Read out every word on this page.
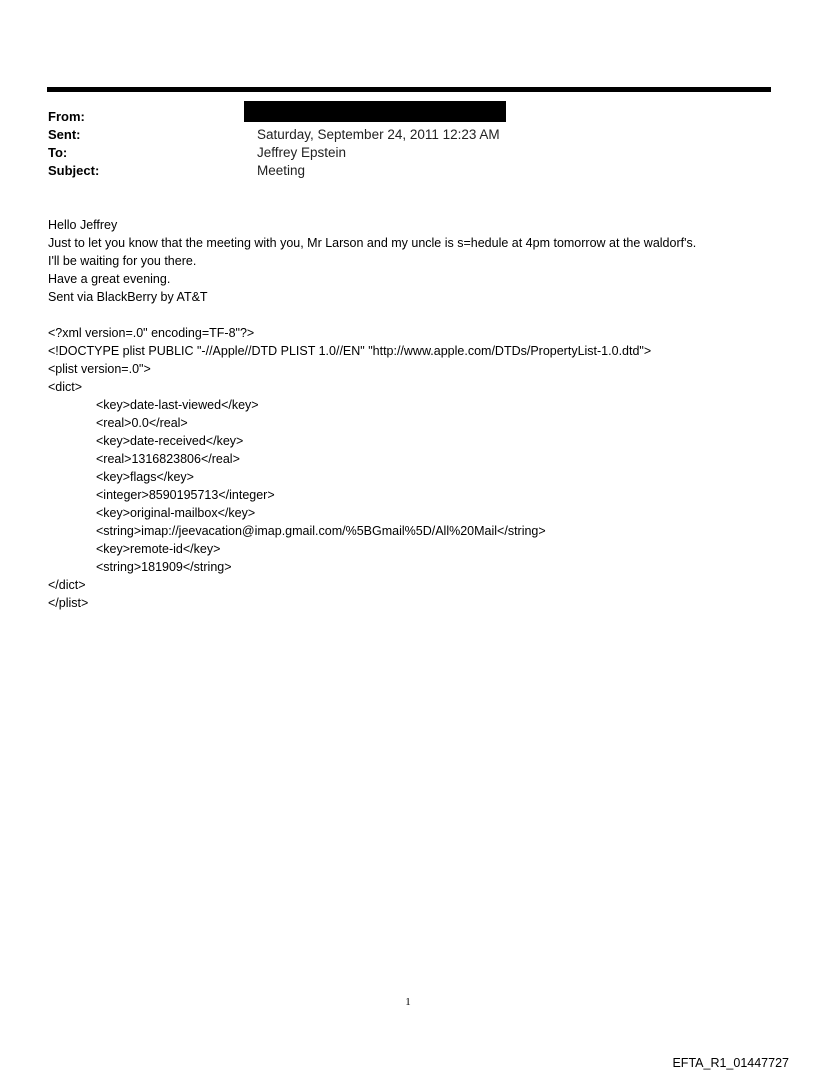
From:
Sent:	Saturday, September 24, 2011 12:23 AM
To:	Jeffrey Epstein
Subject:	Meeting
Hello Jeffrey
Just to let you know that the meeting with you, Mr Larson and my uncle is s=hedule at 4pm tomorrow at the waldorf's.
I'll be waiting for you there.
Have a great evening.
Sent via BlackBerry by AT&T
<?xml version=.0" encoding=TF-8"?>
<!DOCTYPE plist PUBLIC "-//Apple//DTD PLIST 1.0//EN" "http://www.apple.com/DTDs/PropertyList-1.0.dtd">
<plist version=.0">
<dict>
<key>date-last-viewed</key>
<real>0.0</real>
<key>date-received</key>
<real>1316823806</real>
<key>flags</key>
<integer>8590195713</integer>
<key>original-mailbox</key>
<string>imap://jeevacation@imap.gmail.com/%5BGmail%5D/All%20Mail</string>
<key>remote-id</key>
<string>181909</string>
</dict>
</plist>
1
EFTA_R1_01447727
